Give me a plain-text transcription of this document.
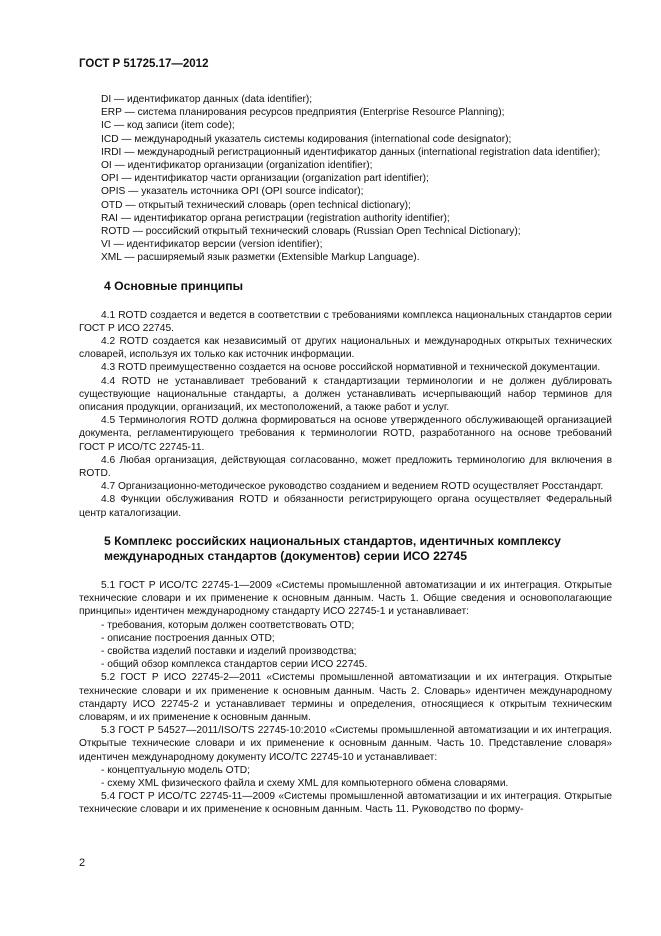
ГОСТ Р 51725.17—2012

DI — идентификатор данных (data identifier);

ERP — система планирования ресурсов предприятия (Enterprise Resource Planning);

IC — код записи (item code);

ICD — международный указатель системы кодирования (international code designator);

IRDI — международный регистрационный идентификатор данных (international registration data identifier);

OI — идентификатор организации (organization identifier);

OPI — идентификатор части организации (organization part identifier);

OPIS — указатель источника OPI (OPI source indicator);

OTD — открытый технический словарь (open technical dictionary);

RAI — идентификатор органа регистрации (registration authority identifier);

ROTD — российский открытый технический словарь (Russian Open Technical Dictionary);

VI — идентификатор версии (version identifier);

XML — расширяемый язык разметки (Extensible Markup Language).

4 Основные принципы

4.1 ROTD создается и ведется в соответствии с требованиями комплекса национальных стандартов серии ГОСТ Р ИСО 22745.

4.2 ROTD создается как независимый от других национальных и международных открытых технических словарей, используя их только как источник информации.

4.3 ROTD преимущественно создается на основе российской нормативной и технической документации.

4.4 ROTD не устанавливает требований к стандартизации терминологии и не должен дублировать существующие национальные стандарты, а должен устанавливать исчерпывающий набор терминов для описания продукции, организаций, их местоположений, а также работ и услуг.

4.5 Терминология ROTD должна формироваться на основе утвержденного обслуживающей организацией документа, регламентирующего требования к терминологии ROTD, разработанного на основе требований ГОСТ Р ИСО/ТС 22745-11.

4.6 Любая организация, действующая согласованно, может предложить терминологию для включения в ROTD.

4.7 Организационно-методическое руководство созданием и ведением ROTD осуществляет Росстандарт.

4.8 Функции обслуживания ROTD и обязанности регистрирующего органа осуществляет Федеральный центр каталогизации.

5 Комплекс российских национальных стандартов, идентичных комплексу международных стандартов (документов) серии ИСО 22745

5.1 ГОСТ Р ИСО/ТС 22745-1—2009 «Системы промышленной автоматизации и их интеграция. Открытые технические словари и их применение к основным данным. Часть 1. Общие сведения и основополагающие принципы» идентичен международному стандарту ИСО 22745-1 и устанавливает:

- требования, которым должен соответствовать OTD;

- описание построения данных OTD;

- свойства изделий поставки и изделий производства;

- общий обзор комплекса стандартов серии ИСО 22745.

5.2 ГОСТ Р ИСО 22745-2—2011 «Системы промышленной автоматизации и их интеграция. Открытые технические словари и их применение к основным данным. Часть 2. Словарь» идентичен международному стандарту ИСО 22745-2 и устанавливает термины и определения, относящиеся к открытым техническим словарям, и их применение к основным данным.

5.3 ГОСТ Р 54527—2011/ISO/TS 22745-10:2010 «Системы промышленной автоматизации и их интеграция. Открытые технические словари и их применение к основным данным. Часть 10. Представление словаря» идентичен международному документу ИСО/ТС 22745-10 и устанавливает:

- концептуальную модель OTD;

- схему XML физического файла и схему XML для компьютерного обмена словарями.

5.4 ГОСТ Р ИСО/ТС 22745-11—2009 «Системы промышленной автоматизации и их интеграция. Открытые технические словари и их применение к основным данным. Часть 11. Руководство по форму-

2
